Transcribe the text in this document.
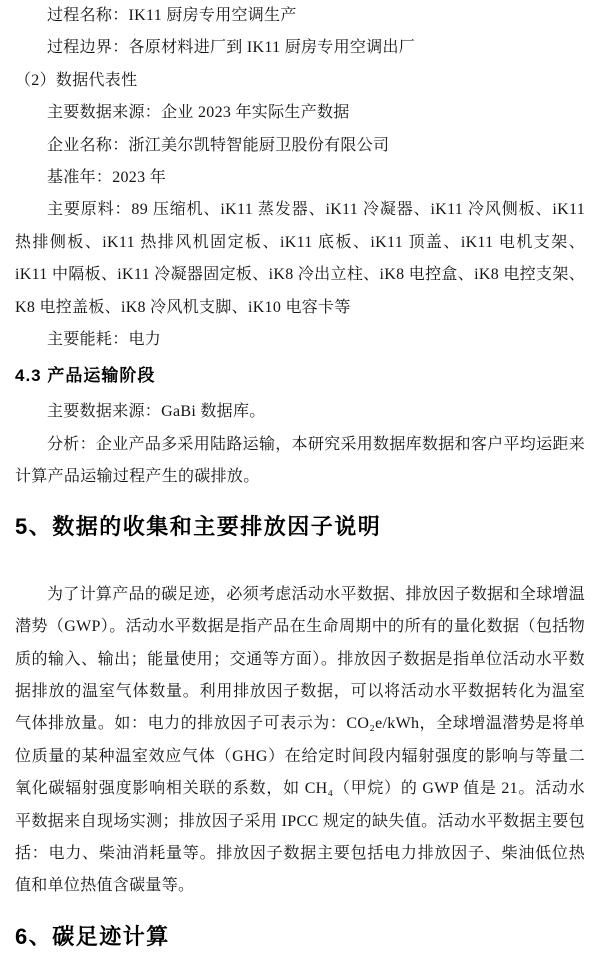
过程名称：IK11 厨房专用空调生产

过程边界：各原材料进厂到 IK11 厨房专用空调出厂

（2）数据代表性

主要数据来源：企业 2023 年实际生产数据

企业名称：浙江美尔凯特智能厨卫股份有限公司

基准年：2023 年

主要原料：89 压缩机、iK11 蒸发器、iK11 冷凝器、iK11 冷风侧板、iK11 热排侧板、iK11 热排风机固定板、iK11 底板、iK11 顶盖、iK11 电机支架、iK11 中隔板、iK11 冷凝器固定板、iK8 冷出立柱、iK8 电控盒、iK8 电控支架、K8 电控盖板、iK8 冷风机支脚、iK10 电容卡等

主要能耗：电力

4.3 产品运输阶段

主要数据来源：GaBi 数据库。

分析：企业产品多采用陆路运输，本研究采用数据库数据和客户平均运距来计算产品运输过程产生的碳排放。

5、数据的收集和主要排放因子说明

为了计算产品的碳足迹，必须考虑活动水平数据、排放因子数据和全球增温潜势（GWP）。活动水平数据是指产品在生命周期中的所有的量化数据（包括物质的输入、输出；能量使用；交通等方面）。排放因子数据是指单位活动水平数据排放的温室气体数量。利用排放因子数据，可以将活动水平数据转化为温室气体排放量。如：电力的排放因子可表示为：CO₂e/kWh，全球增温潜势是将单位质量的某种温室效应气体（GHG）在给定时间段内辐射强度的影响与等量二氧化碳辐射强度影响相关联的系数，如 CH₄（甲烷）的 GWP 值是 21。活动水平数据来自现场实测；排放因子采用 IPCC 规定的缺失值。活动水平数据主要包括：电力、柴油消耗量等。排放因子数据主要包括电力排放因子、柴油低位热值和单位热值含碳量等。

6、碳足迹计算
